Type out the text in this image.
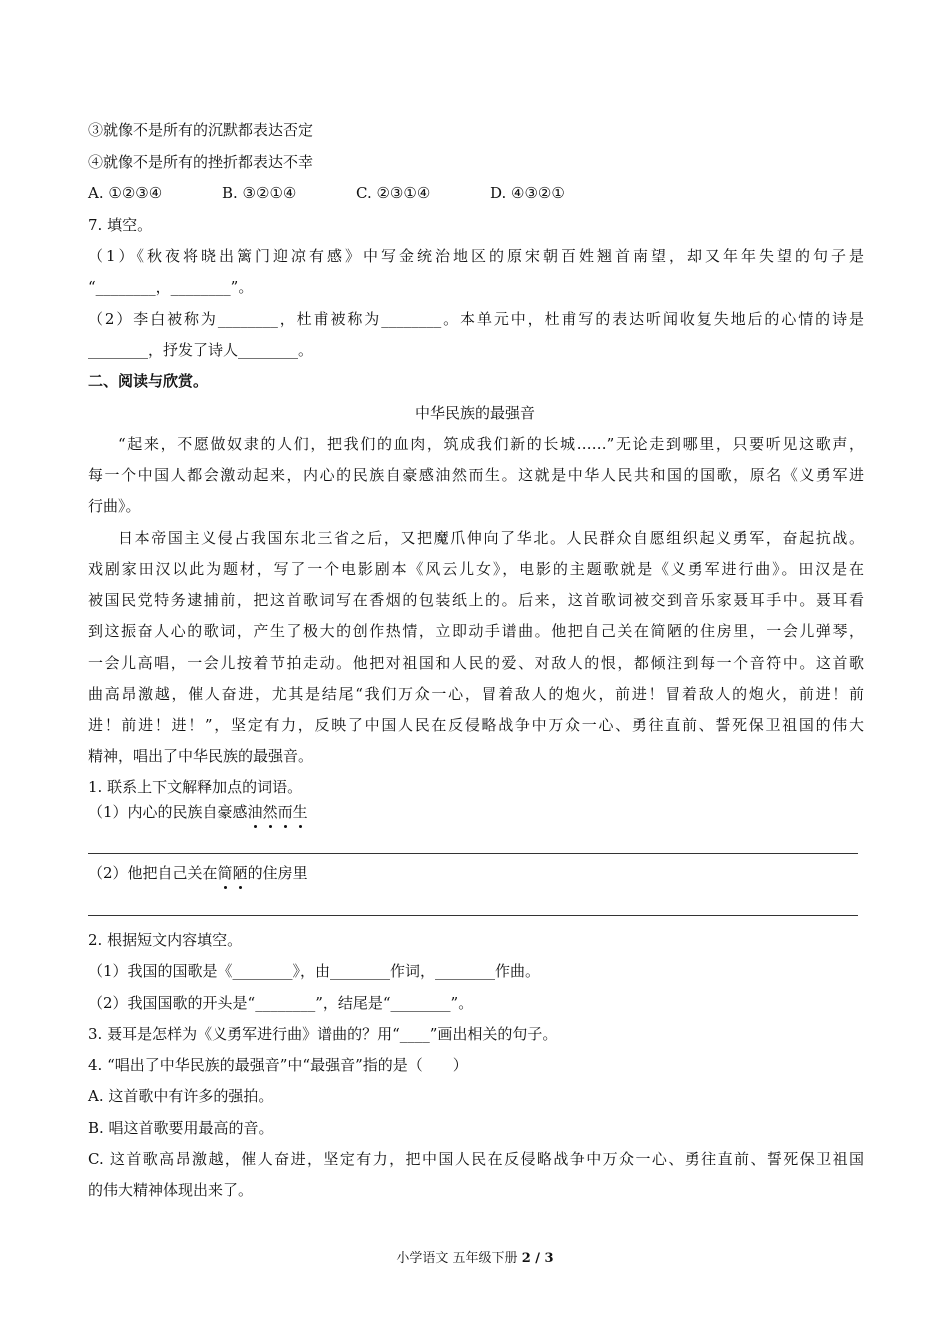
③就像不是所有的沉默都表达否定
④就像不是所有的挫折都表达不幸
A. ①②③④	B. ③②①④	C. ②③①④	D. ④③②①
7. 填空。
（1）《秋夜将晓出篱门迎凉有感》中写金统治地区的原宋朝百姓翘首南望，却又年年失望的句子是
“________，________”。
（2）李白被称为________，杜甫被称为________。本单元中，杜甫写的表达听闻收复失地后的心情的诗是
________，抒发了诗人________。
二、阅读与欣赏。
中华民族的最强音
“起来，不愿做奴隶的人们，把我们的血肉，筑成我们新的长城……”无论走到哪里，只要听见这歌声，
每一个中国人都会激动起来，内心的民族自豪感油然而生。这就是中华人民共和国的国歌，原名《义勇军进
行曲》。
日本帝国主义侵占我国东北三省之后，又把魔爪伸向了华北。人民群众自愿组织起义勇军，奋起抗战。
戏剧家田汉以此为题材，写了一个电影剧本《风云儿女》，电影的主题歌就是《义勇军进行曲》。田汉是在
被国民党特务逮捕前，把这首歌词写在香烟的包装纸上的。后来，这首歌词被交到音乐家聂耳手中。聂耳看
到这振奋人心的歌词，产生了极大的创作热情，立即动手谱曲。他把自己关在简陋的住房里，一会儿弹琴，
一会儿高唱，一会儿按着节拍走动。他把对祖国和人民的爱、对敌人的恨，都倾注到每一个音符中。这首歌
曲高昂激越，催人奋进，尤其是结尾“我们万众一心，冒着敌人的炮火，前进！冒着敌人的炮火，前进！前
进！前进！进！”，坚定有力，反映了中国人民在反侵略战争中万众一心、勇往直前、誓死保卫祖国的伟大
精神，唱出了中华民族的最强音。
1. 联系上下文解释加点的词语。
（1）内心的民族自豪感油然而生
（2）他把自己关在简陋的住房里
2. 根据短文内容填空。
（1）我国的国歌是《________》，由________作词，________作曲。
（2）我国国歌的开头是“________”，结尾是“________”。
3. 聂耳是怎样为《义勇军进行曲》谱曲的？用“____”画出相关的句子。
4. “唱出了中华民族的最强音”中“最强音”指的是（　　）
A. 这首歌中有许多的强拍。
B. 唱这首歌要用最高的音。
C. 这首歌高昂激越，催人奋进，坚定有力，把中国人民在反侵略战争中万众一心、勇往直前、誓死保卫祖国
的伟大精神体现出来了。
小学语文 五年级下册 2 / 3
